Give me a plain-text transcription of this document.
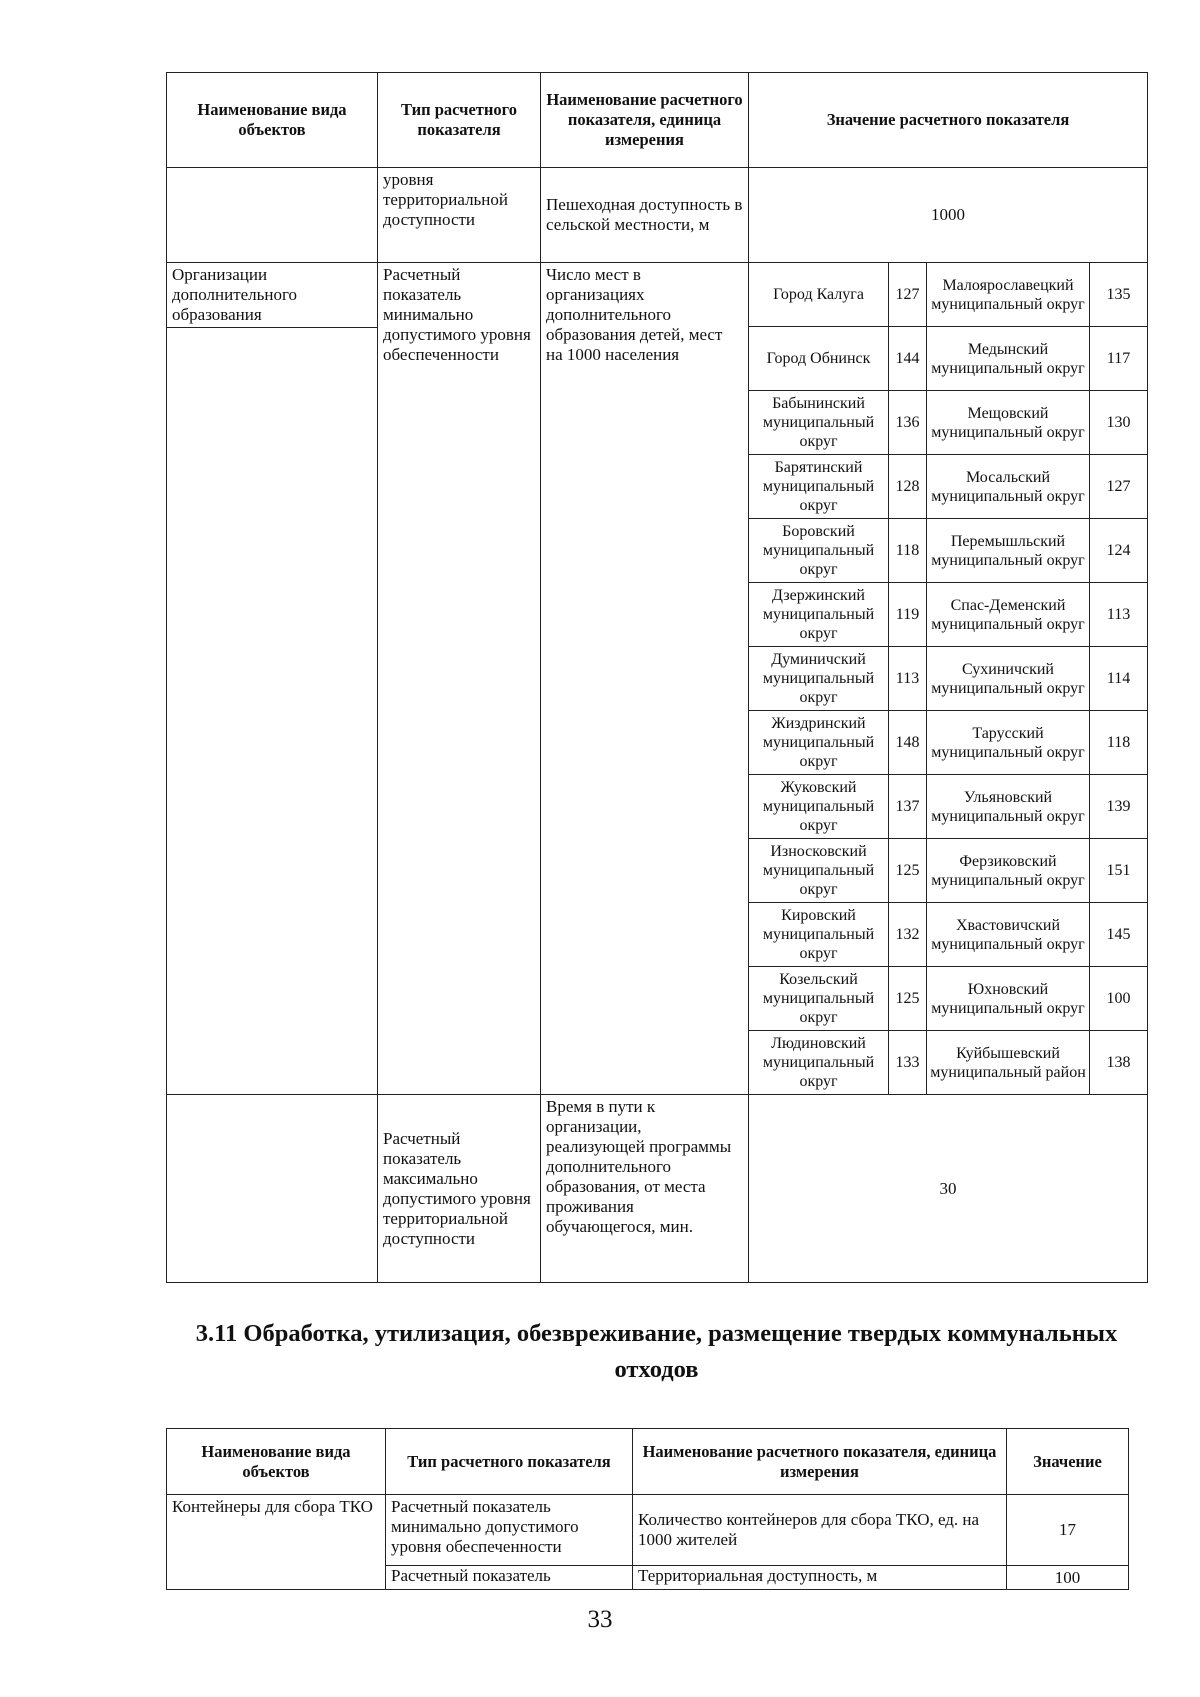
Наименование вида объектов	Тип расчетного показателя	Наименование расчетного показателя, единица измерения	Значение расчетного показателя			
	уровня территориальной доступности	Пешеходная доступность в сельской местности, м	1000			

Организации дополнительного образования	Расчетный показатель минимально допустимого уровня обеспеченности	Число мест в организациях дополнительного образования детей, мест на 1000 населения	Город Калуга	127	Малоярославецкий муниципальный округ	135
			Город Обнинск	144	Медынский муниципальный округ	117
			Бабынинский муниципальный округ	136	Мещовский муниципальный округ	130
			Барятинский муниципальный округ	128	Мосальский муниципальный округ	127
			Боровский муниципальный округ	118	Перемышльский муниципальный округ	124
			Дзержинский муниципальный округ	119	Спас-Деменский муниципальный округ	113
			Думиничский муниципальный округ	113	Сухиничский муниципальный округ	114
			Жиздринский муниципальный округ	148	Тарусский муниципальный округ	118
			Жуковский муниципальный округ	137	Ульяновский муниципальный округ	139
			Износковский муниципальный округ	125	Ферзиковский муниципальный округ	151
			Кировский муниципальный округ	132	Хвастовичский муниципальный округ	145
			Козельский муниципальный округ	125	Юхновский муниципальный округ	100
			Людиновский муниципальный округ	133	Куйбышевский муниципальный район	138
	Расчетный показатель максимально допустимого уровня территориальной доступности	Время в пути к организации, реализующей программы дополнительного образования, от места проживания обучающегося, мин.	30			
3.11 Обработка, утилизация, обезвреживание, размещение твердых коммунальных отходов
Наименование вида объектов	Тип расчетного показателя	Наименование расчетного показателя, единица измерения	Значение
Контейнеры для сбора ТКО	Расчетный показатель минимально допустимого уровня обеспеченности	Количество контейнеров для сбора ТКО, ед. на 1000 жителей	17
	Расчетный показатель	Территориальная доступность, м	100
33
